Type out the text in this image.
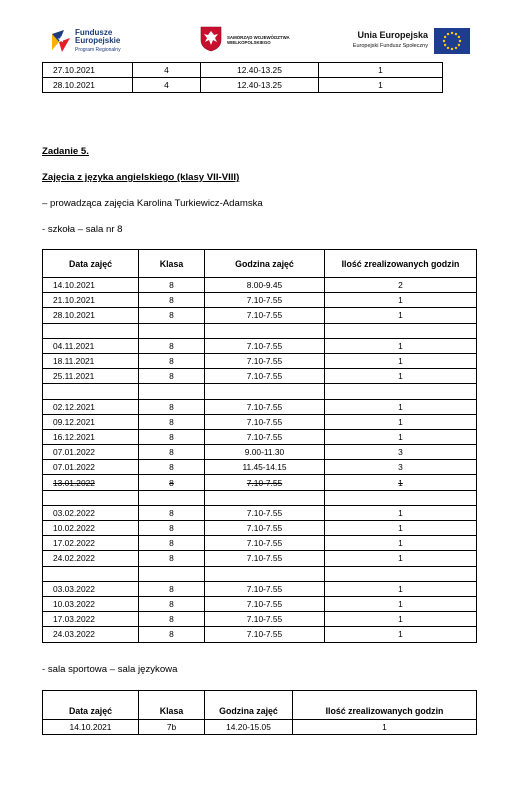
Fundusze
Europejskie
Program Regionalny
SAMORZĄD WOJEWÓDZTWA
WIELKOPOLSKIEGO
Unia Europejska
Europejski Fundusz Społeczny
27.10.2021	4	12.40-13.25	1
28.10.2021	4	12.40-13.25	1
Zadanie 5.
Zajęcia z języka angielskiego (klasy VII-VIII)
– prowadząca zajęcia Karolina Turkiewicz-Adamska
- szkoła – sala nr 8
Data zajęć	Klasa	Godzina zajęć	Ilość zrealizowanych godzin
14.10.2021	8	8.00-9.45	2
21.10.2021	8	7.10-7.55	1
28.10.2021	8	7.10-7.55	1

04.11.2021	8	7.10-7.55	1
18.11.2021	8	7.10-7.55	1
25.11.2021	8	7.10-7.55	1

02.12.2021	8	7.10-7.55	1
09.12.2021	8	7.10-7.55	1
16.12.2021	8	7.10-7.55	1
07.01.2022	8	9.00-11.30	3
07.01.2022	8	11.45-14.15	3
13.01.2022	8	7.10-7.55	1

03.02.2022	8	7.10-7.55	1
10.02.2022	8	7.10-7.55	1
17.02.2022	8	7.10-7.55	1
24.02.2022	8	7.10-7.55	1

03.03.2022	8	7.10-7.55	1
10.03.2022	8	7.10-7.55	1
17.03.2022	8	7.10-7.55	1
24.03.2022	8	7.10-7.55	1
- sala sportowa – sala językowa
Data zajęć	Klasa	Godzina zajęć	Ilość zrealizowanych godzin
14.10.2021	7b	14.20-15.05	1
